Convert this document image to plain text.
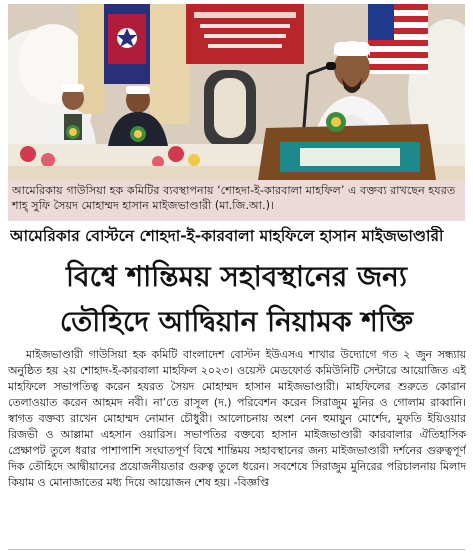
আমেরিকায় গাউসিয়া হক কমিটির ব্যবস্থাপনায় ‘শোহদা-ই-কারবালা মাহফিল’ এ বক্তব্য রাখছেন হযরত শাহ্ সুফি সৈয়দ মোহাম্মদ হাসান মাইজভাণ্ডারী (মা.জি.আ.)।
আমেরিকার বোস্টনে শোহদা-ই-কারবালা মাহফিলে হাসান মাইজভাণ্ডারী
বিশ্বে শান্তিময় সহাবস্থানের জন্য
তৌহিদে আদ্বিয়ান নিয়ামক শক্তি
মাইজভাণ্ডারী গাউসিয়া হক কমিটি বাংলাদেশ বোস্টন ইউএসএ শাখার উদ্যোগে গত ২ জুন সন্ধ্যায় অনুষ্ঠিত হয় ২য় শোহাদ-ই-কারবালা মাহফিল ২০২৩। ওয়েস্ট মেডফোর্ড কমিউনিটি সেন্টারে আয়োজিত এই মাহফিলে সভাপতিত্ব করেন হযরত সৈয়দ মোহাম্মদ হাসান মাইজভাণ্ডারী। মাহফিলের শুরুতে কোরান তেলাওয়াত করেন আহমদ নবী। না’তে রাসূল (দ.) পরিবেশন করেন সিরাজুম মুনির ও গোলাম রাব্বানি। স্বাগত বক্তব্য রাখেন মোহাম্মদ নোমান চৌধুরী। আলোচনায় অংশ নেন হুমায়ুন মোর্শেদ, মুফতি ইয়িওয়ার রিজভী ও আল্লামা এহসান ওয়ারিস। সভাপতির বক্তব্যে হাসান মাইজভাণ্ডারী কারবালার ঐতিহাসিক প্রেক্ষাপট তুলে ধরার পাশাপাশি সংঘাতপূর্ণ বিশ্বে শান্তিময় সহাবস্থানের জন্য মাইজভাণ্ডারী দর্শনের গুরুত্বপূর্ণ দিক তৌহিদে আদ্বীয়ানের প্রয়োজনীয়তার গুরুত্ব তুলে ধরেন। সবশেষে সিরাজুম মুনিরের পরিচালনায় মিলাদ কিয়াম ও মোনাজাতের মধ্য দিয়ে আয়োজন শেষ হয়। -বিজ্ঞপ্তি
